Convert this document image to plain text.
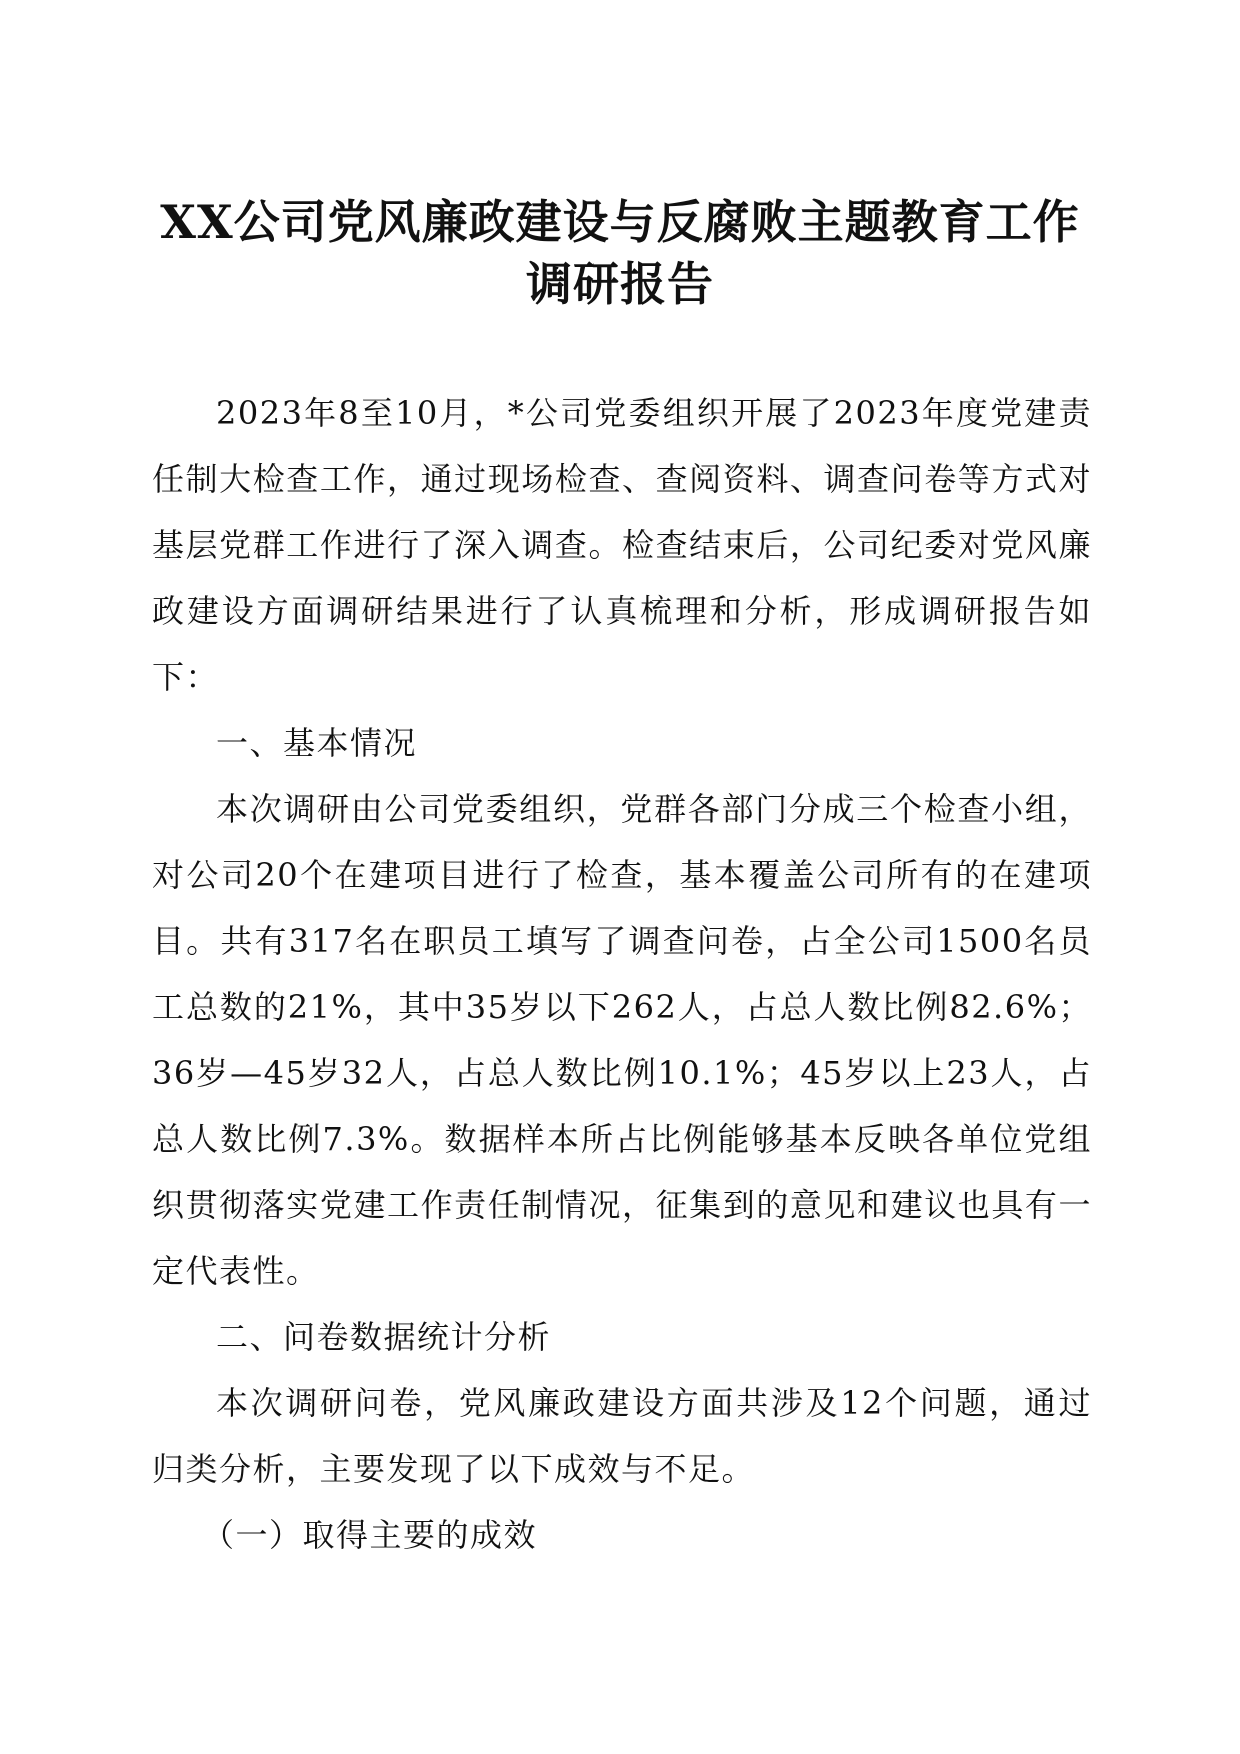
XX公司党风廉政建设与反腐败主题教育工作
调研报告

2023年8至10月，*公司党委组织开展了2023年度党建责任制大检查工作，通过现场检查、查阅资料、调查问卷等方式对基层党群工作进行了深入调查。检查结束后，公司纪委对党风廉政建设方面调研结果进行了认真梳理和分析，形成调研报告如下：

一、基本情况

本次调研由公司党委组织，党群各部门分成三个检查小组，对公司20个在建项目进行了检查，基本覆盖公司所有的在建项目。共有317名在职员工填写了调查问卷，占全公司1500名员工总数的21%，其中35岁以下262人，占总人数比例82.6%；36岁—45岁32人，占总人数比例10.1%；45岁以上23人，占总人数比例7.3%。数据样本所占比例能够基本反映各单位党组织贯彻落实党建工作责任制情况，征集到的意见和建议也具有一定代表性。

二、问卷数据统计分析

本次调研问卷，党风廉政建设方面共涉及12个问题，通过归类分析，主要发现了以下成效与不足。

（一）取得主要的成效
